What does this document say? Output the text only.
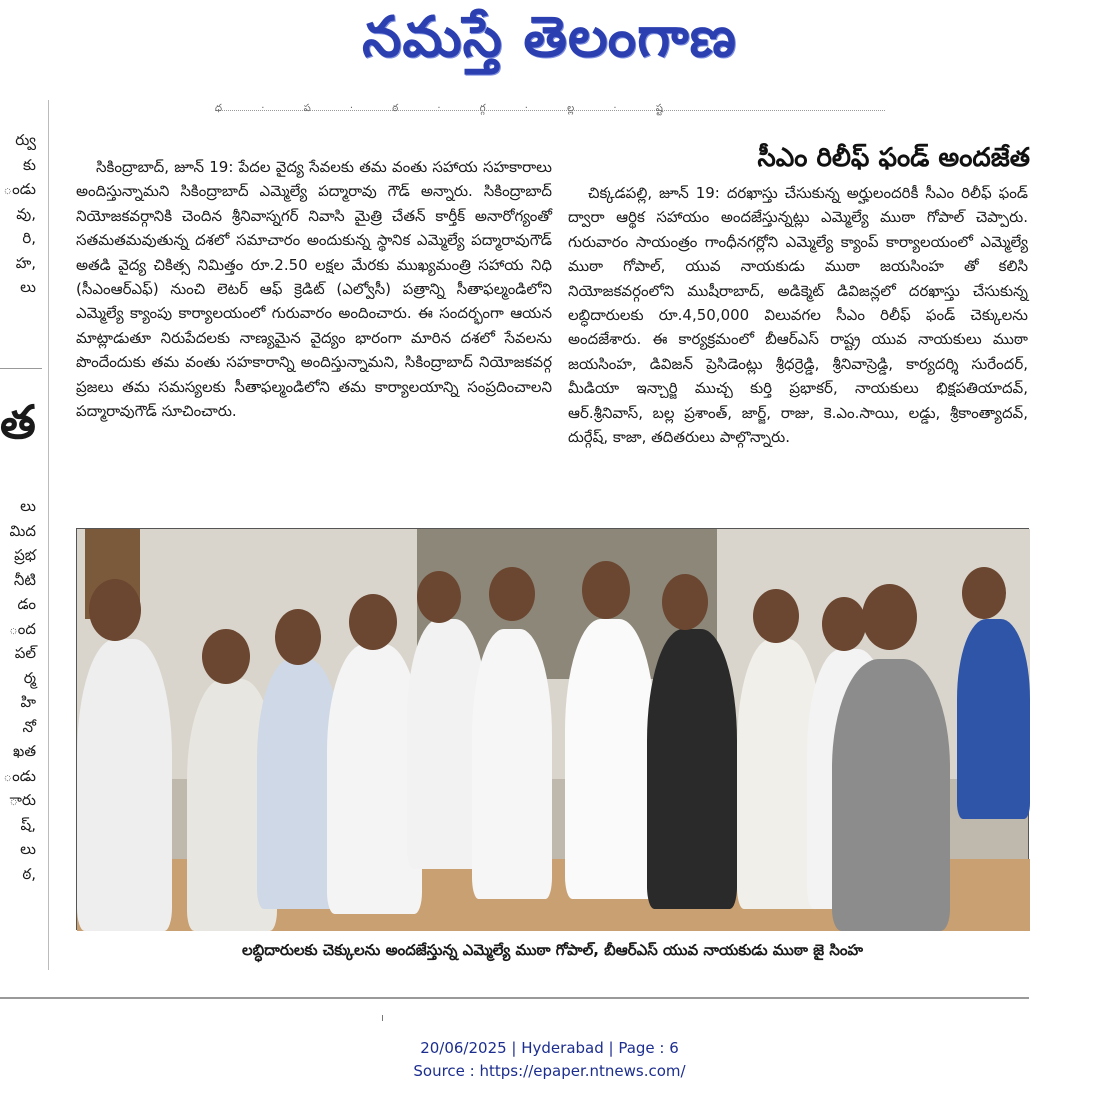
నమస్తే తెలంగాణ
ధ · ప · ఠ · గ్గ · ల్ల · ష్ట
ర్వు
కు
ండు
వు,
రి,
హ,
లు
త
లు
మిద
ప్రభ
నీటి
డం
ంద
పల్
ర్మ
హి
నో
ఖత
ండు
ారు
ష్,
లు
ఠ,
సికింద్రాబాద్, జూన్ 19: పేదల వైద్య సేవలకు తమ వంతు సహాయ సహకారాలు అందిస్తున్నామని సికింద్రాబాద్ ఎమ్మెల్యే పద్మారావు గౌడ్ అన్నారు. సికింద్రాబాద్ నియోజకవర్గానికి చెందిన శ్రీనివాస్నగర్ నివాసి మైత్రి చేతన్ కార్తీక్ అనారోగ్యంతో సతమతమవుతున్న దశలో సమాచారం అందుకున్న స్థానిక ఎమ్మెల్యే పద్మారావుగౌడ్ అతడి వైద్య చికిత్స నిమిత్తం రూ.2.50 లక్షల మేరకు ముఖ్యమంత్రి సహాయ నిధి (సీఎంఆర్ఎఫ్) నుంచి లెటర్ ఆఫ్ క్రెడిట్ (ఎల్వోసీ) పత్రాన్ని సీతాఫల్మండిలోని ఎమ్మెల్యే క్యాంపు కార్యాలయంలో గురువారం అందించారు. ఈ సందర్భంగా ఆయన మాట్లాడుతూ నిరుపేదలకు నాణ్యమైన వైద్యం భారంగా మారిన దశలో సేవలను పొందేందుకు తమ వంతు సహకారాన్ని అందిస్తున్నామని, సికింద్రాబాద్ నియోజకవర్గ ప్రజలు తమ సమస్యలకు సీతాఫల్మండిలోని తమ కార్యాలయాన్ని సంప్రదించాలని పద్మారావుగౌడ్ సూచించారు.
సీఎం రిలీఫ్ ఫండ్ అందజేత
చిక్కడపల్లి, జూన్ 19: దరఖాస్తు చేసుకున్న అర్హులందరికీ సీఎం రిలీఫ్ ఫండ్ ద్వారా ఆర్థిక సహాయం అందజేస్తున్నట్లు ఎమ్మెల్యే ముఠా గోపాల్ చెప్పారు. గురువారం సాయంత్రం గాంధీనగర్లోని ఎమ్మెల్యే క్యాంప్ కార్యాలయంలో ఎమ్మెల్యే ముఠా గోపాల్, యువ నాయకుడు ముఠా జయసింహ తో కలిసి నియోజకవర్గంలోని ముషీరాబాద్, అడిక్మెట్ డివిజన్లలో దరఖాస్తు చేసుకున్న లబ్ధిదారులకు రూ.4,50,000 విలువగల సీఎం రిలీఫ్ ఫండ్ చెక్కులను అందజేశారు. ఈ కార్యక్రమంలో బీఆర్ఎస్ రాష్ట్ర యువ నాయకులు ముఠా జయసింహ, డివిజన్ ప్రెసిడెంట్లు శ్రీధర్రెడ్డి, శ్రీనివాస్రెడ్డి, కార్యదర్శి సురేందర్, మీడియా ఇన్చార్జి ముచ్చ కుర్తి ప్రభాకర్, నాయకులు భిక్షపతియాదవ్, ఆర్.శ్రీనివాస్, బల్ల ప్రశాంత్, జార్జ్, రాజు, కె.ఎం.సాయి, లడ్డు, శ్రీకాంత్యాదవ్, దుర్గేష్, కాజా, తదితరులు పాల్గొన్నారు.
లబ్ధిదారులకు చెక్కులను అందజేస్తున్న ఎమ్మెల్యే ముఠా గోపాల్, బీఆర్ఎస్ యువ నాయకుడు ముఠా జై సింహ
20/06/2025 | Hyderabad | Page : 6
Source : https://epaper.ntnews.com/
